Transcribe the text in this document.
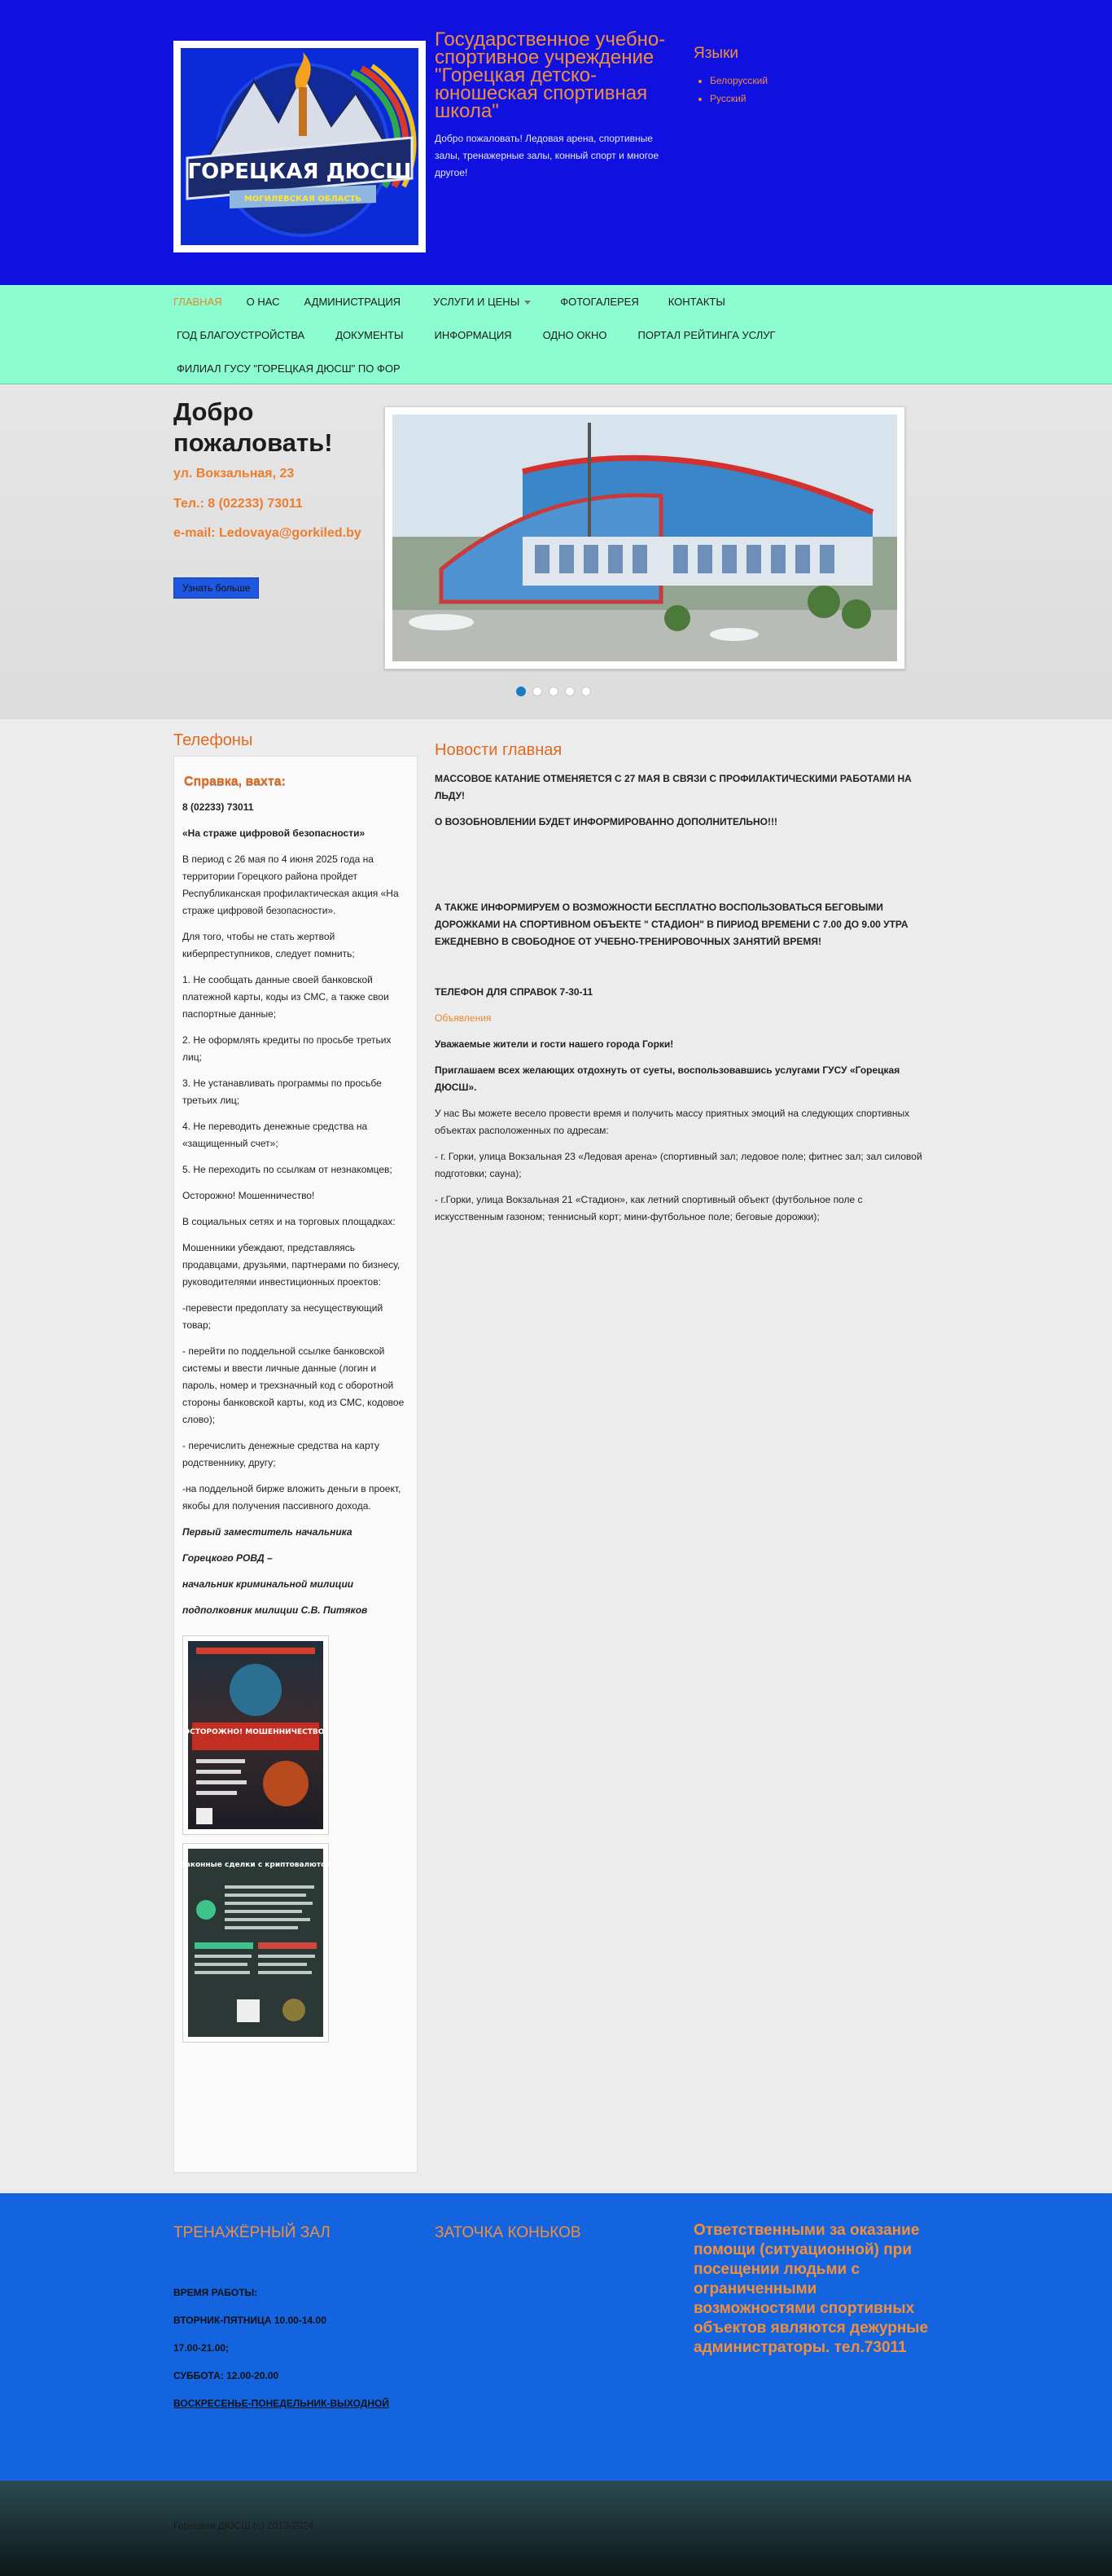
ГОРЕЦКАЯ ДЮСШ
МОГИЛЕВСКАЯ ОБЛАСТЬ
Государственное учебно-спортивное учреждение "Горецкая детско-юношеская спортивная школа"
Добро пожаловать! Ледовая арена, спортивные залы, тренажерные залы, конный спорт и многое другое!
Языки
• Белорусский
• Русский
ГЛАВНАЯ	О НАС	АДМИНИСТРАЦИЯ	УСЛУГИ И ЦЕНЫ	ФОТОГАЛЕРЕЯ	КОНТАКТЫ
ГОД БЛАГОУСТРОЙСТВА	ДОКУМЕНТЫ	ИНФОРМАЦИЯ	ОДНО ОКНО	ПОРТАЛ РЕЙТИНГА УСЛУГ
ФИЛИАЛ ГУСУ "ГОРЕЦКАЯ ДЮСШ" ПО ФОР
Добро пожаловать!
ул. Вокзальная, 23
Тел.: 8 (02233) 73011
e-mail: Ledovaya@gorkiled.by
Узнать больше
Телефоны
Справка, вахта:

8 (02233) 73011

«На страже цифровой безопасности»

В период с 26 мая по 4 июня 2025 года на территории Горецкого района пройдет Республиканская профилактическая акция «На страже цифровой безопасности».

Для того, чтобы не стать жертвой киберпреступников, следует помнить;

1. Не сообщать данные своей банковской платежной карты, коды из СМС, а также свои паспортные данные;

2. Не оформлять кредиты по просьбе третьих лиц;

3. Не устанавливать программы по просьбе третьих лиц;

4. Не переводить денежные средства на «защищенный счет»;

5. Не переходить по ссылкам от незнакомцев;

Осторожно! Мошенничество!

В социальных сетях и на торговых площадках:

Мошенники убеждают, представляясь продавцами, друзьями, партнерами по бизнесу, руководителями инвестиционных проектов:

-перевести предоплату за несуществующий товар;

- перейти по поддельной ссылке банковской системы и ввести личные данные (логин и пароль, номер и трехзначный код с оборотной стороны банковской карты, код из СМС, кодовое слово);

- перечислить денежные средства на карту родственнику, другу;

-на поддельной бирже вложить деньги в проект, якобы для получения пассивного дохода.

Первый заместитель начальника

Горецкого РОВД –

начальник криминальной милиции

подполковник милиции С.В. Питяков

ОСТОРОЖНО! МОШЕННИЧЕСТВО!
Законные сделки с криптовалютой
Новости главная

МАССОВОЕ КАТАНИЕ ОТМЕНЯЕТСЯ С 27 МАЯ В СВЯЗИ С ПРОФИЛАКТИЧЕСКИМИ РАБОТАМИ НА ЛЬДУ!

О ВОЗОБНОВЛЕНИИ БУДЕТ ИНФОРМИРОВАННО ДОПОЛНИТЕЛЬНО!!!

А ТАКЖЕ ИНФОРМИРУЕМ О ВОЗМОЖНОСТИ БЕСПЛАТНО ВОСПОЛЬЗОВАТЬСЯ БЕГОВЫМИ ДОРОЖКАМИ НА СПОРТИВНОМ ОБЪЕКТЕ " СТАДИОН" В ПИРИОД ВРЕМЕНИ С 7.00 ДО 9.00 УТРА ЕЖЕДНЕВНО В СВОБОДНОЕ ОТ УЧЕБНО-ТРЕНИРОВОЧНЫХ ЗАНЯТИЙ ВРЕМЯ!

ТЕЛЕФОН ДЛЯ СПРАВОК 7-30-11

Объявления

Уважаемые жители и гости нашего города Горки!

Приглашаем всех желающих отдохнуть от суеты, воспользовавшись услугами ГУСУ «Горецкая ДЮСШ».

У нас Вы можете весело провести время и получить массу приятных эмоций на следующих спортивных объектах расположенных по адресам:

- г. Горки, улица Вокзальная 23 «Ледовая арена» (спортивный зал; ледовое поле; фитнес зал; зал силовой подготовки; сауна);

- г.Горки, улица Вокзальная 21 «Стадион», как летний спортивный объект (футбольное поле с искусственным газоном; теннисный корт; мини-футбольное поле; беговые дорожки);

ТРЕНАЖЁРНЫЙ ЗАЛ
ВРЕМЯ РАБОТЫ:
ВТОРНИК-ПЯТНИЦА 10.00-14.00
17.00-21.00;
СУББОТА: 12.00-20.00
ВОСКРЕСЕНЬЕ-ПОНЕДЕЛЬНИК-ВЫХОДНОЙ
ЗАТОЧКА КОНЬКОВ	Ответственными за оказание помощи (ситуационной) при посещении людьми с ограниченными возможностями спортивных объектов являются дежурные администраторы. тел.73011
Горецкая ДЮСШ (c) 2013-2024
